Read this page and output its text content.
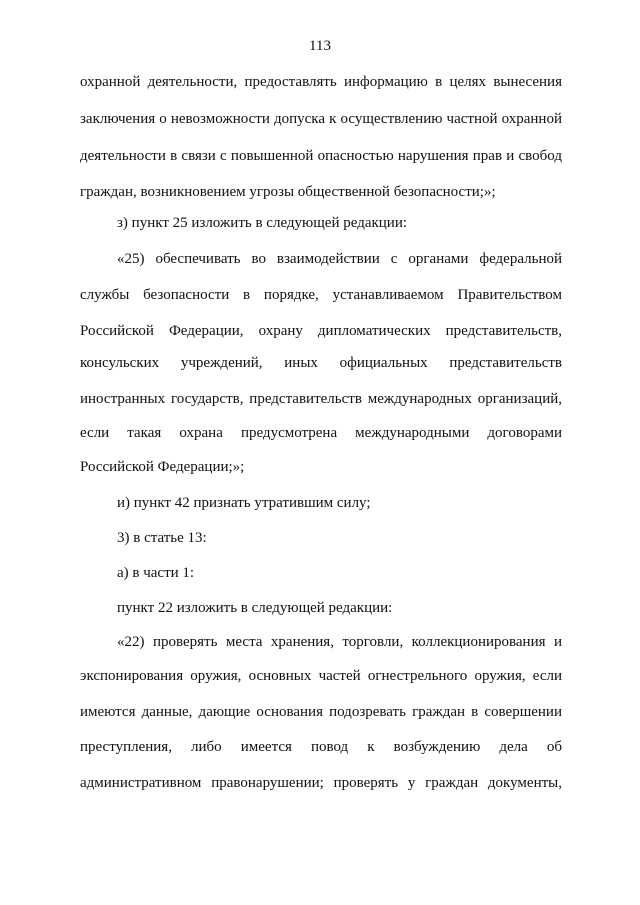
113
охранной деятельности, предоставлять информацию в целях вынесения
заключения о невозможности допуска к осуществлению частной охранной
деятельности в связи с повышенной опасностью нарушения прав и свобод
граждан, возникновением угрозы общественной безопасности;»;
з) пункт 25 изложить в следующей редакции:
«25) обеспечивать во взаимодействии с органами федеральной
службы безопасности в порядке, устанавливаемом Правительством
Российской Федерации, охрану дипломатических представительств,
консульских учреждений, иных официальных представительств
иностранных государств, представительств международных организаций,
если такая охрана предусмотрена международными договорами
Российской Федерации;»;
и) пункт 42 признать утратившим силу;
3) в статье 13:
а) в части 1:
пункт 22 изложить в следующей редакции:
«22) проверять места хранения, торговли, коллекционирования и
экспонирования оружия, основных частей огнестрельного оружия, если
имеются данные, дающие основания подозревать граждан в совершении
преступления, либо имеется повод к возбуждению дела об
административном правонарушении; проверять у граждан документы,
